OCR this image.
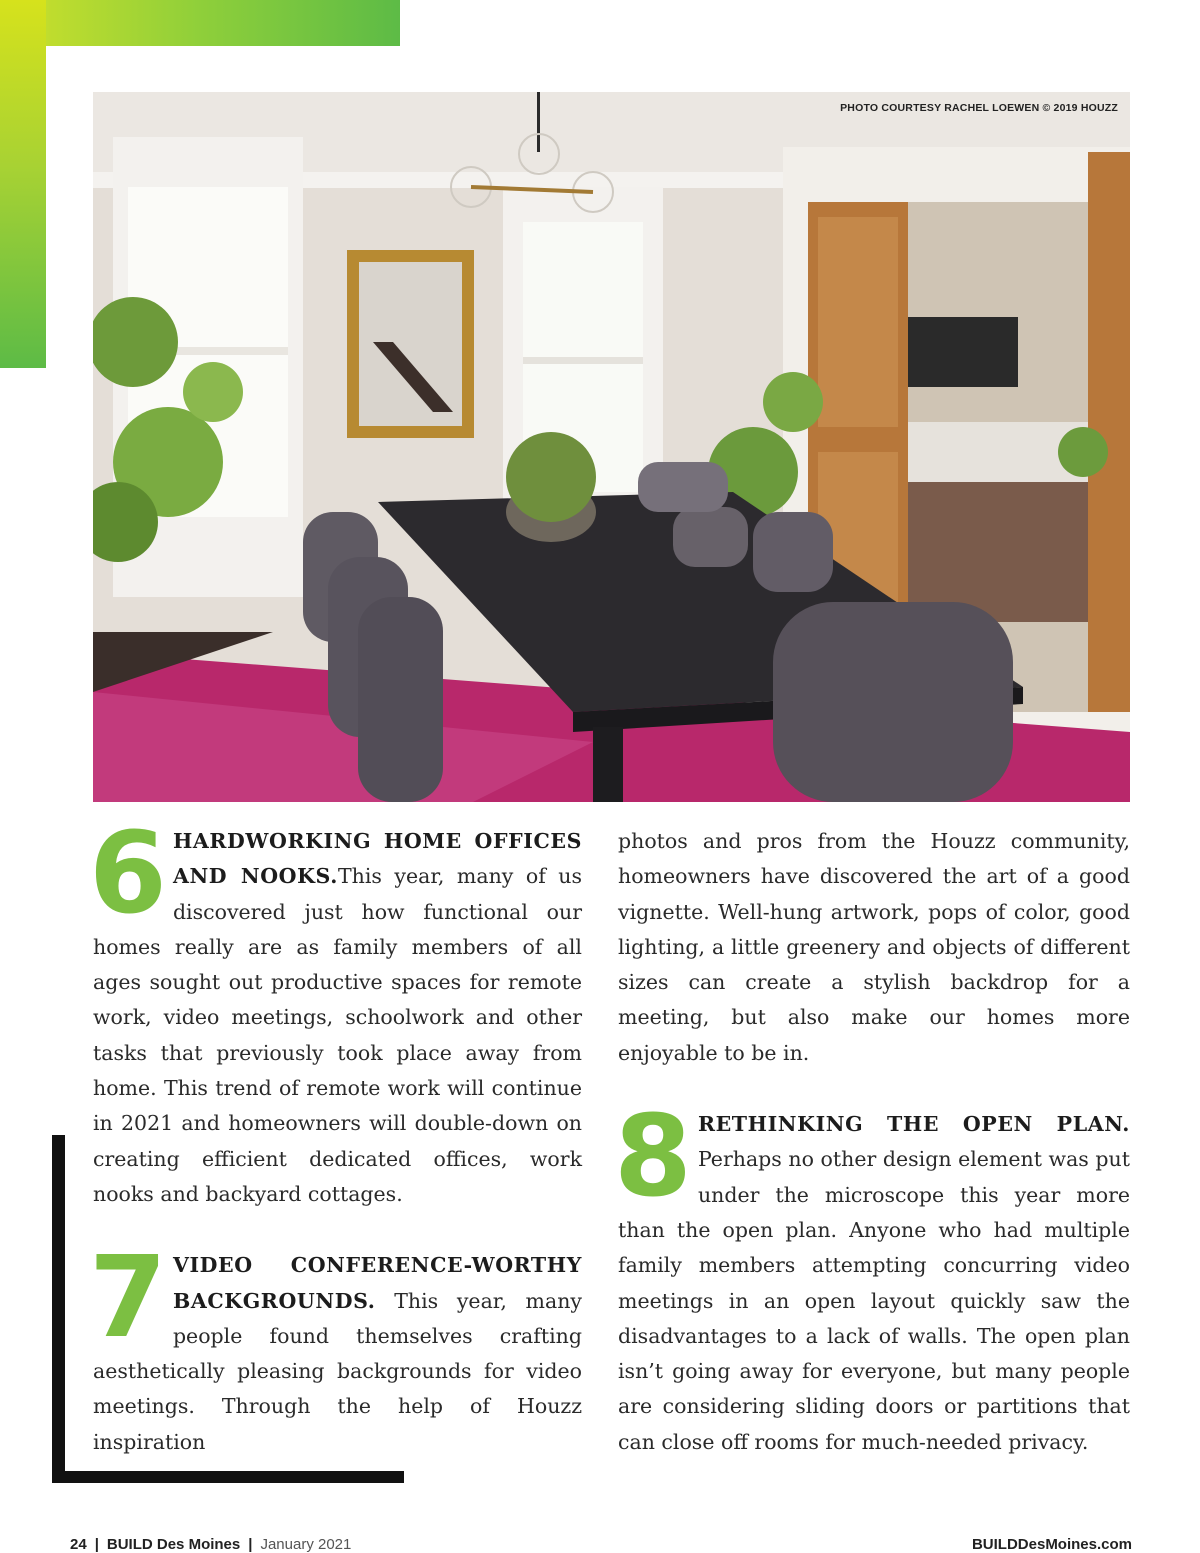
PHOTO COURTESY RACHEL LOEWEN © 2019 HOUZZ

6 HARDWORKING HOME OFFICES AND NOOKS.This year, many of us discovered just how functional our homes really are as family members of all ages sought out productive spaces for remote work, video meetings, schoolwork and other tasks that previously took place away from home. This trend of remote work will continue in 2021 and homeowners will double-down on creating efficient dedicated offices, work nooks and backyard cottages.

7 VIDEO CONFERENCE-WORTHY BACKGROUNDS. This year, many people found themselves crafting aesthetically pleasing backgrounds for video meetings. Through the help of Houzz inspiration

photos and pros from the Houzz community, homeowners have discovered the art of a good vignette. Well-hung artwork, pops of color, good lighting, a little greenery and objects of different sizes can create a stylish backdrop for a meeting, but also make our homes more enjoyable to be in.

8 RETHINKING THE OPEN PLAN. Perhaps no other design element was put under the microscope this year more than the open plan. Anyone who had multiple family members attempting concurring video meetings in an open layout quickly saw the disadvantages to a lack of walls. The open plan isn’t going away for everyone, but many people are considering sliding doors or partitions that can close off rooms for much-needed privacy.

24 | BUILD Des Moines | January 2021	BUILDDesMoines.com
